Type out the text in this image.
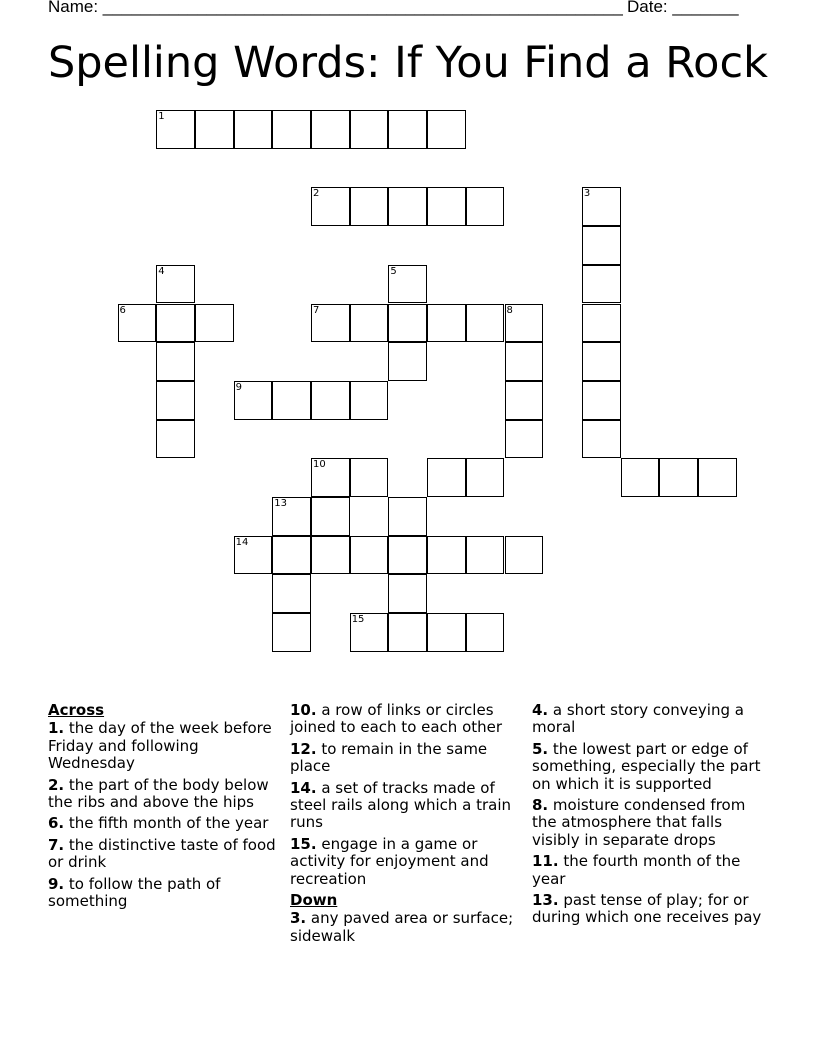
Name: _______________________________________________________ Date: _______
Spelling Words: If You Find a Rock
1
2	3
4	5
6	7	8
9
10
13
14
15
Across
1. the day of the week before Friday and following Wednesday
2. the part of the body below the ribs and above the hips
6. the fifth month of the year
7. the distinctive taste of food or drink
9. to follow the path of something
10. a row of links or circles joined to each to each other
12. to remain in the same place
14. a set of tracks made of steel rails along which a train runs
15. engage in a game or activity for enjoyment and recreation
Down
3. any paved area or surface; sidewalk
4. a short story conveying a moral
5. the lowest part or edge of something, especially the part on which it is supported
8. moisture condensed from the atmosphere that falls visibly in separate drops
11. the fourth month of the year
13. past tense of play; for or during which one receives pay
